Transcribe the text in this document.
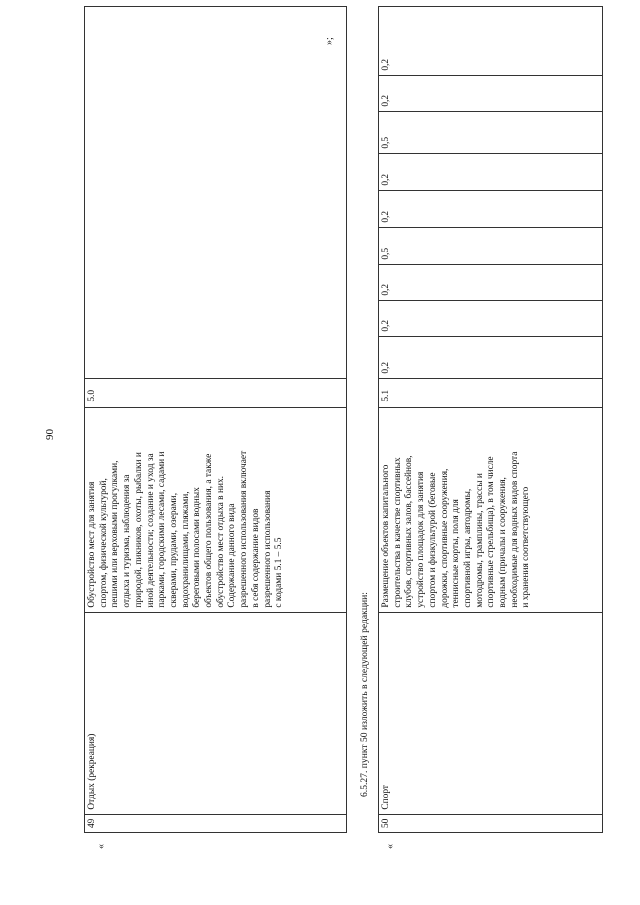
90
«
49	Отдых (рекреация)	Обустройство мест для занятия
спортом, физической культурой,
пешими или верховыми прогулками,
отдыха и туризма, наблюдения за
природой, пикников, охоты, рыбалки и
иной деятельности; создание и уход за
парками, городскими лесами, садами и
скверами, прудами, озерами,
водохранилищами, пляжами,
береговыми полосами водных
объектов общего пользования, а также
обустройство мест отдыха в них.
Содержание данного вида
разрешенного использования включает
в себя содержание видов
разрешенного использования
с кодами 5.1 – 5.5	5.0	
»;
6.5.27. пункт 50 изложить в следующей редакции:
«
50	Спорт	Размещение объектов капитального
строительства в качестве спортивных
клубов, спортивных залов, бассейнов,
устройство площадок для занятия
спортом и физкультурой (беговые
дорожки, спортивные сооружения,
теннисные корты, поля для
спортивной игры, автодромы,
мотодромы, трамплины, трассы и
спортивные стрельбища), в том числе
водным (причалы и сооружения,
необходимые для водных видов спорта
и хранения соответствующего	5.1	0,2	0,2	0,2	0,5	0,2	0,2	0,5	0,2	0,2
